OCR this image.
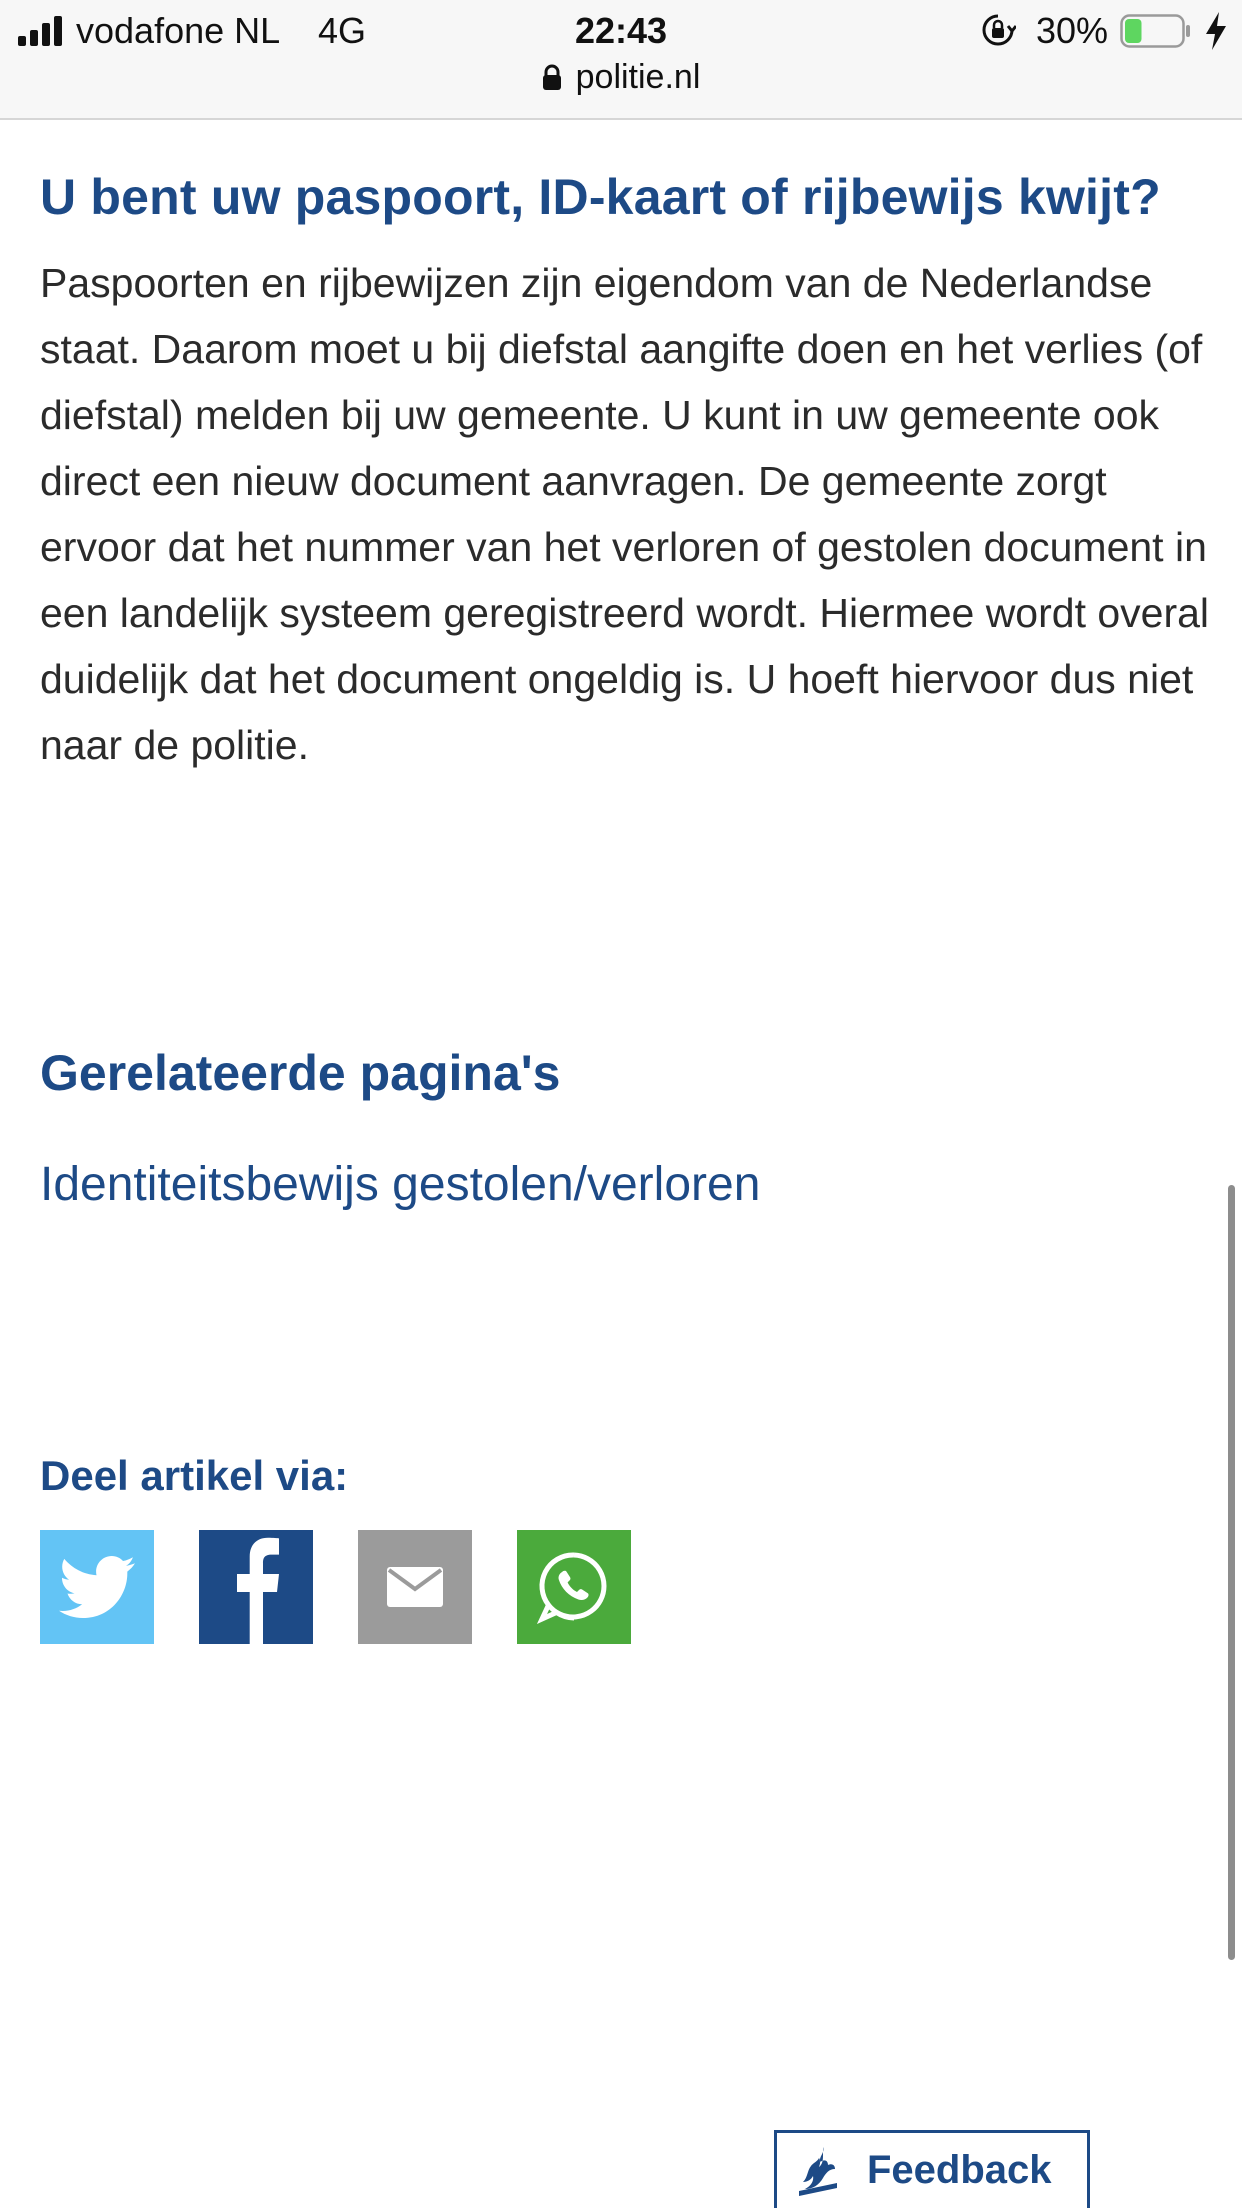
vodafone NL 4G	22:43	30%
politie.nl
U bent uw paspoort, ID-kaart of rijbewijs kwijt?

Paspoorten en rijbewijzen zijn eigendom van de Nederlandse staat. Daarom moet u bij diefstal aangifte doen en het verlies (of diefstal) melden bij uw gemeente. U kunt in uw gemeente ook direct een nieuw document aanvragen. De gemeente zorgt ervoor dat het nummer van het verloren of gestolen document in een landelijk systeem geregistreerd wordt. Hiermee wordt overal duidelijk dat het document ongeldig is. U hoeft hiervoor dus niet naar de politie.

Gerelateerde pagina's
Identiteitsbewijs gestolen/verloren
Deel artikel via:
Feedback
